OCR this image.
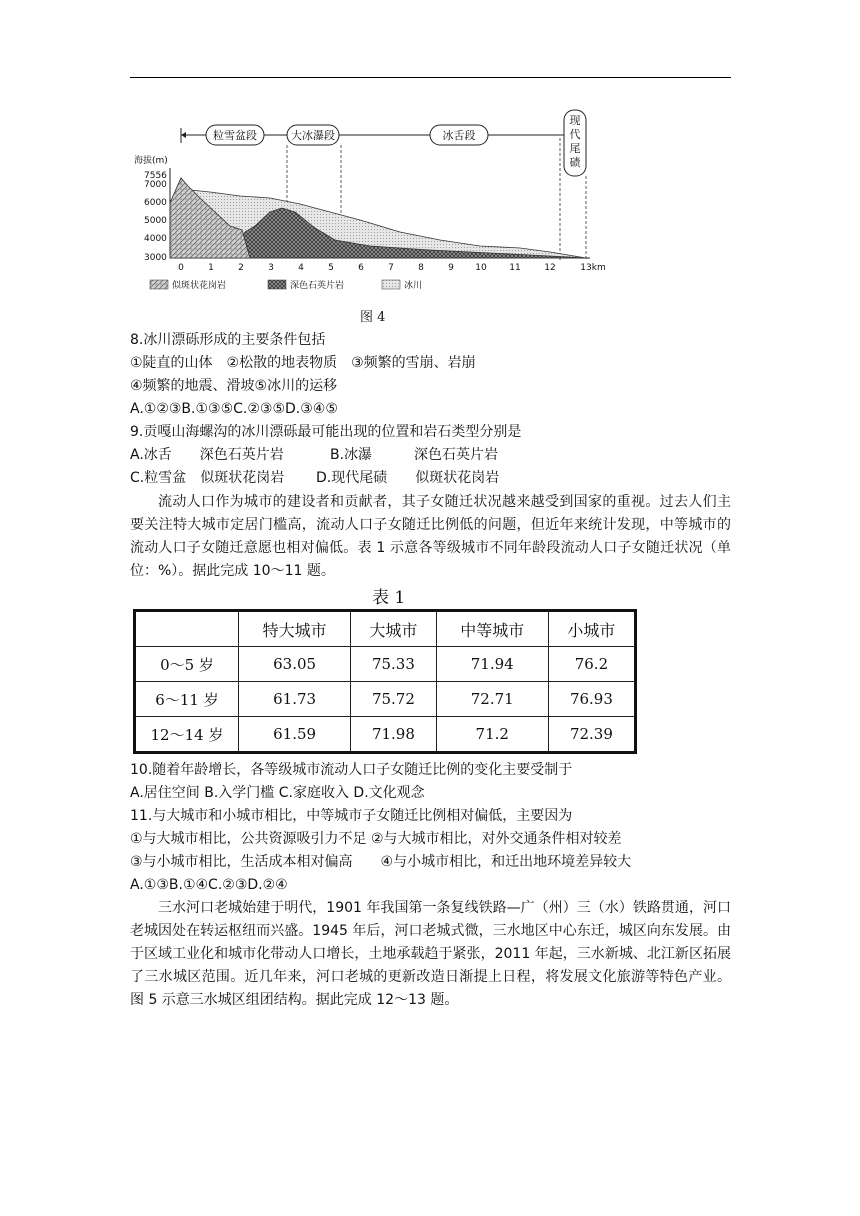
粒雪盆段	大冰瀑段	冰舌段
现
代
尾
碛
海拔(m)
7556
7000
6000
5000
4000
3000
0	1	2	3	4	5	6	7	8	9 10	11	12	13km
似斑状花岗岩	深色石英片岩	冰川
图 4
8.冰川漂砾形成的主要条件包括
①陡直的山体　②松散的地表物质　③频繁的雪崩、岩崩
④频繁的地震、滑坡⑤冰川的运移
A.①②③B.①③⑤C.②③⑤D.③④⑤
9.贡嘎山海螺沟的冰川漂砾最可能出现的位置和岩石类型分别是
A.冰舌　　深色石英片岩	B.冰瀑　　　深色石英片岩
C.粒雪盆　似斑状花岗岩 D.现代尾碛　　似斑状花岗岩
流动人口作为城市的建设者和贡献者，其子女随迁状况越来越受到国家的重视。过去人们主要关注特大城市定居门槛高，流动人口子女随迁比例低的问题，但近年来统计发现，中等城市的流动人口子女随迁意愿也相对偏低。表 1 示意各等级城市不同年龄段流动人口子女随迁状况（单位：%）。据此完成 10～11 题。
表 1
	特大城市	大城市	中等城市	小城市
0～5 岁	63.05	75.33	71.94	76.2
6～11 岁	61.73	75.72	72.71	76.93
12～14 岁	61.59	71.98	71.2	72.39
10.随着年龄增长，各等级城市流动人口子女随迁比例的变化主要受制于
A.居住空间 B.入学门槛 C.家庭收入 D.文化观念
11.与大城市和小城市相比，中等城市子女随迁比例相对偏低，主要因为
①与大城市相比，公共资源吸引力不足 ②与大城市相比，对外交通条件相对较差
③与小城市相比，生活成本相对偏高　　④与小城市相比，和迁出地环境差异较大
A.①③B.①④C.②③D.②④
三水河口老城始建于明代，1901 年我国第一条复线铁路—广（州）三（水）铁路贯通，河口老城因处在转运枢纽而兴盛。1945 年后，河口老城式微，三水地区中心东迁，城区向东发展。由于区域工业化和城市化带动人口增长，土地承载趋于紧张，2011 年起，三水新城、北江新区拓展了三水城区范围。近几年来，河口老城的更新改造日渐提上日程，将发展文化旅游等特色产业。图 5 示意三水城区组团结构。据此完成 12～13 题。
